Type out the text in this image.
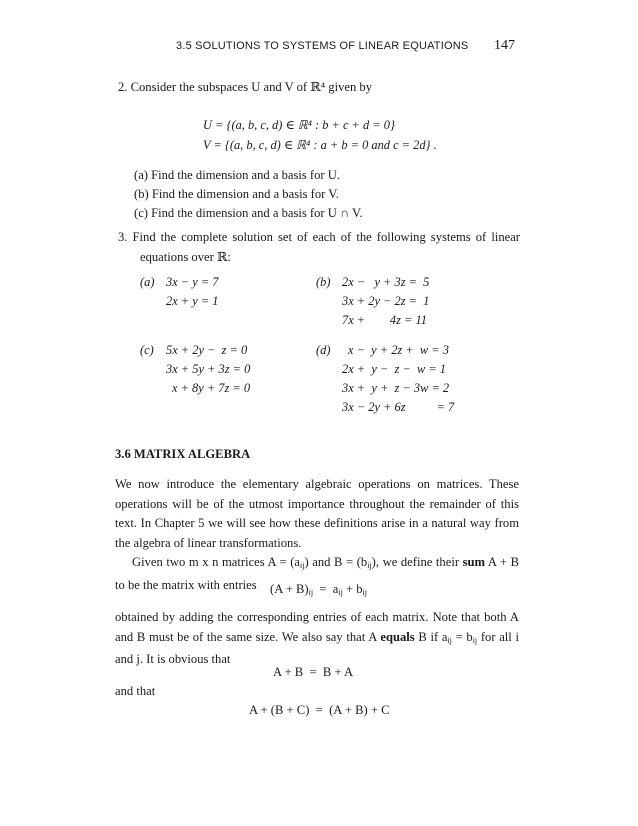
3.5 SOLUTIONS TO SYSTEMS OF LINEAR EQUATIONS 147
2. Consider the subspaces U and V of ℝ⁴ given by
U = {(a, b, c, d) ∈ ℝ⁴ : b + c + d = 0}
V = {(a, b, c, d) ∈ ℝ⁴ : a + b = 0 and c = 2d} .
(a) Find the dimension and a basis for U.
(b) Find the dimension and a basis for V.
(c) Find the dimension and a basis for U ∩ V.
3. Find the complete solution set of each of the following systems of linear
equations over ℝ:
(a) 3x − y = 7
2x + y = 1
(b) 2x −   y + 3z =  5
3x + 2y − 2z =  1
7x +        4z = 11
(c) 5x + 2y −  z = 0
3x + 5y + 3z = 0
x + 8y + 7z = 0
(d) x −  y + 2z +  w = 3
2x +  y −  z −  w = 1
3x +  y +  z − 3w = 2
3x − 2y + 6z          = 7
3.6 MATRIX ALGEBRA

We now introduce the elementary algebraic operations on matrices. These operations will be of the utmost importance throughout the remainder of this text. In Chapter 5 we will see how these definitions arise in a natural way from the algebra of linear transformations.

Given two m x n matrices $A = (a_{ij})$ and $B = (b_{ij})$, we define their sum A + B to be the matrix with entries	$(A + B)_{ij} = a_{ij} + b_{ij}$

obtained by adding the corresponding entries of each matrix. Note that both A and B must be of the same size. We also say that A equals B if $a_{ij} = b_{ij}$ for all i and j. It is obvious that

A + B  =  B + A
and that
A + (B + C)  =  (A + B) + C
